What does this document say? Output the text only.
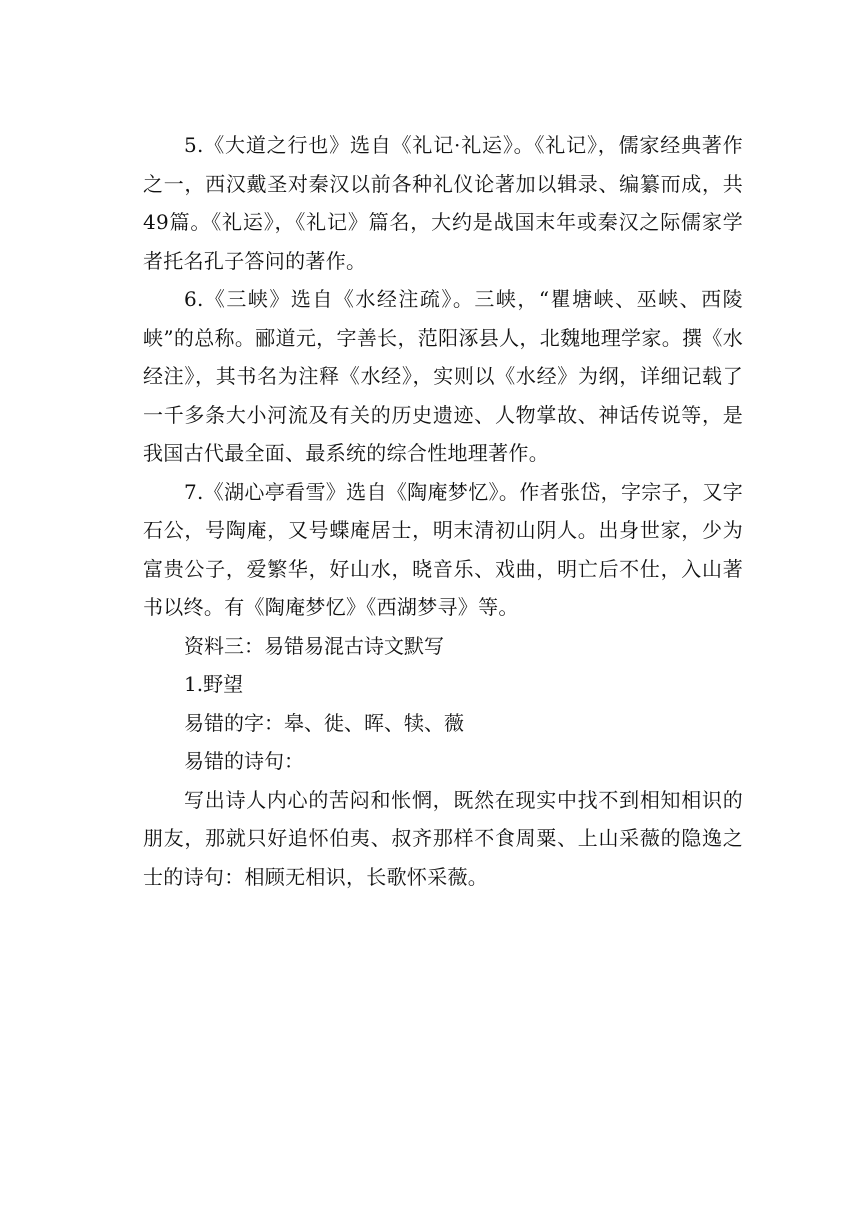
5.《大道之行也》选自《礼记·礼运》。《礼记》，儒家经典著作之一，西汉戴圣对秦汉以前各种礼仪论著加以辑录、编纂而成，共49篇。《礼运》，《礼记》篇名，大约是战国末年或秦汉之际儒家学者托名孔子答问的著作。

6.《三峡》选自《水经注疏》。三峡，“瞿塘峡、巫峡、西陵峡”的总称。郦道元，字善长，范阳涿县人，北魏地理学家。撰《水经注》，其书名为注释《水经》，实则以《水经》为纲，详细记载了一千多条大小河流及有关的历史遗迹、人物掌故、神话传说等，是我国古代最全面、最系统的综合性地理著作。

7.《湖心亭看雪》选自《陶庵梦忆》。作者张岱，字宗子，又字石公，号陶庵，又号蝶庵居士，明末清初山阴人。出身世家，少为富贵公子，爱繁华，好山水，晓音乐、戏曲，明亡后不仕，入山著书以终。有《陶庵梦忆》《西湖梦寻》等。

资料三：易错易混古诗文默写

1.野望

易错的字：皋、徙、晖、犊、薇

易错的诗句：

写出诗人内心的苦闷和怅惘，既然在现实中找不到相知相识的朋友，那就只好追怀伯夷、叔齐那样不食周粟、上山采薇的隐逸之士的诗句：相顾无相识，长歌怀采薇。
